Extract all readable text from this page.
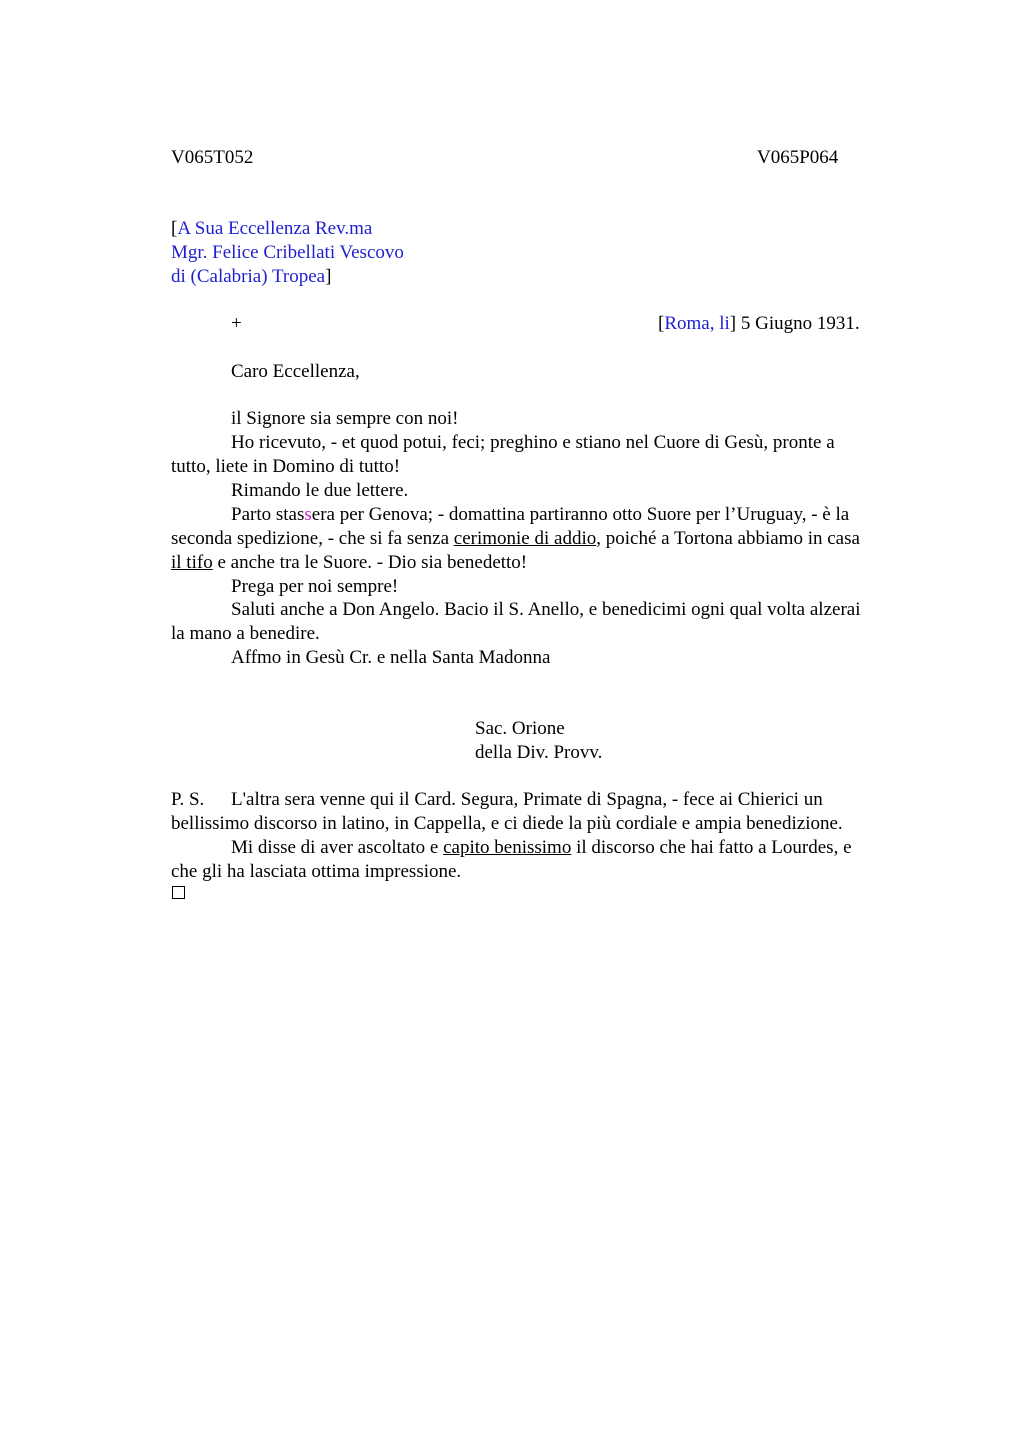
V065T052	V065P064
[A Sua Eccellenza Rev.ma
Mgr. Felice Cribellati Vescovo
di (Calabria) Tropea]
+	[Roma, li] 5 Giugno 1931.
Caro Eccellenza,
il Signore sia sempre con noi!
Ho ricevuto, - et quod potui, feci; preghino e stiano nel Cuore di Gesù, pronte a
tutto, liete in Domino di tutto!
Rimando le due lettere.
Parto stassera per Genova; - domattina partiranno otto Suore per l’Uruguay, - è la
seconda spedizione, - che si fa senza cerimonie di addio, poiché a Tortona abbiamo in casa
il tifo e anche tra le Suore. - Dio sia benedetto!
Prega per noi sempre!
Saluti anche a Don Angelo. Bacio il S. Anello, e benedicimi ogni qual volta alzerai
la mano a benedire.
Affmo in Gesù Cr. e nella Santa Madonna
Sac. Orione
della Div. Provv.
P. S. L'altra sera venne qui il Card. Segura, Primate di Spagna, - fece ai Chierici un
bellissimo discorso in latino, in Cappella, e ci diede la più cordiale e ampia benedizione.
Mi disse di aver ascoltato e capito benissimo il discorso che hai fatto a Lourdes, e
che gli ha lasciata ottima impressione.
